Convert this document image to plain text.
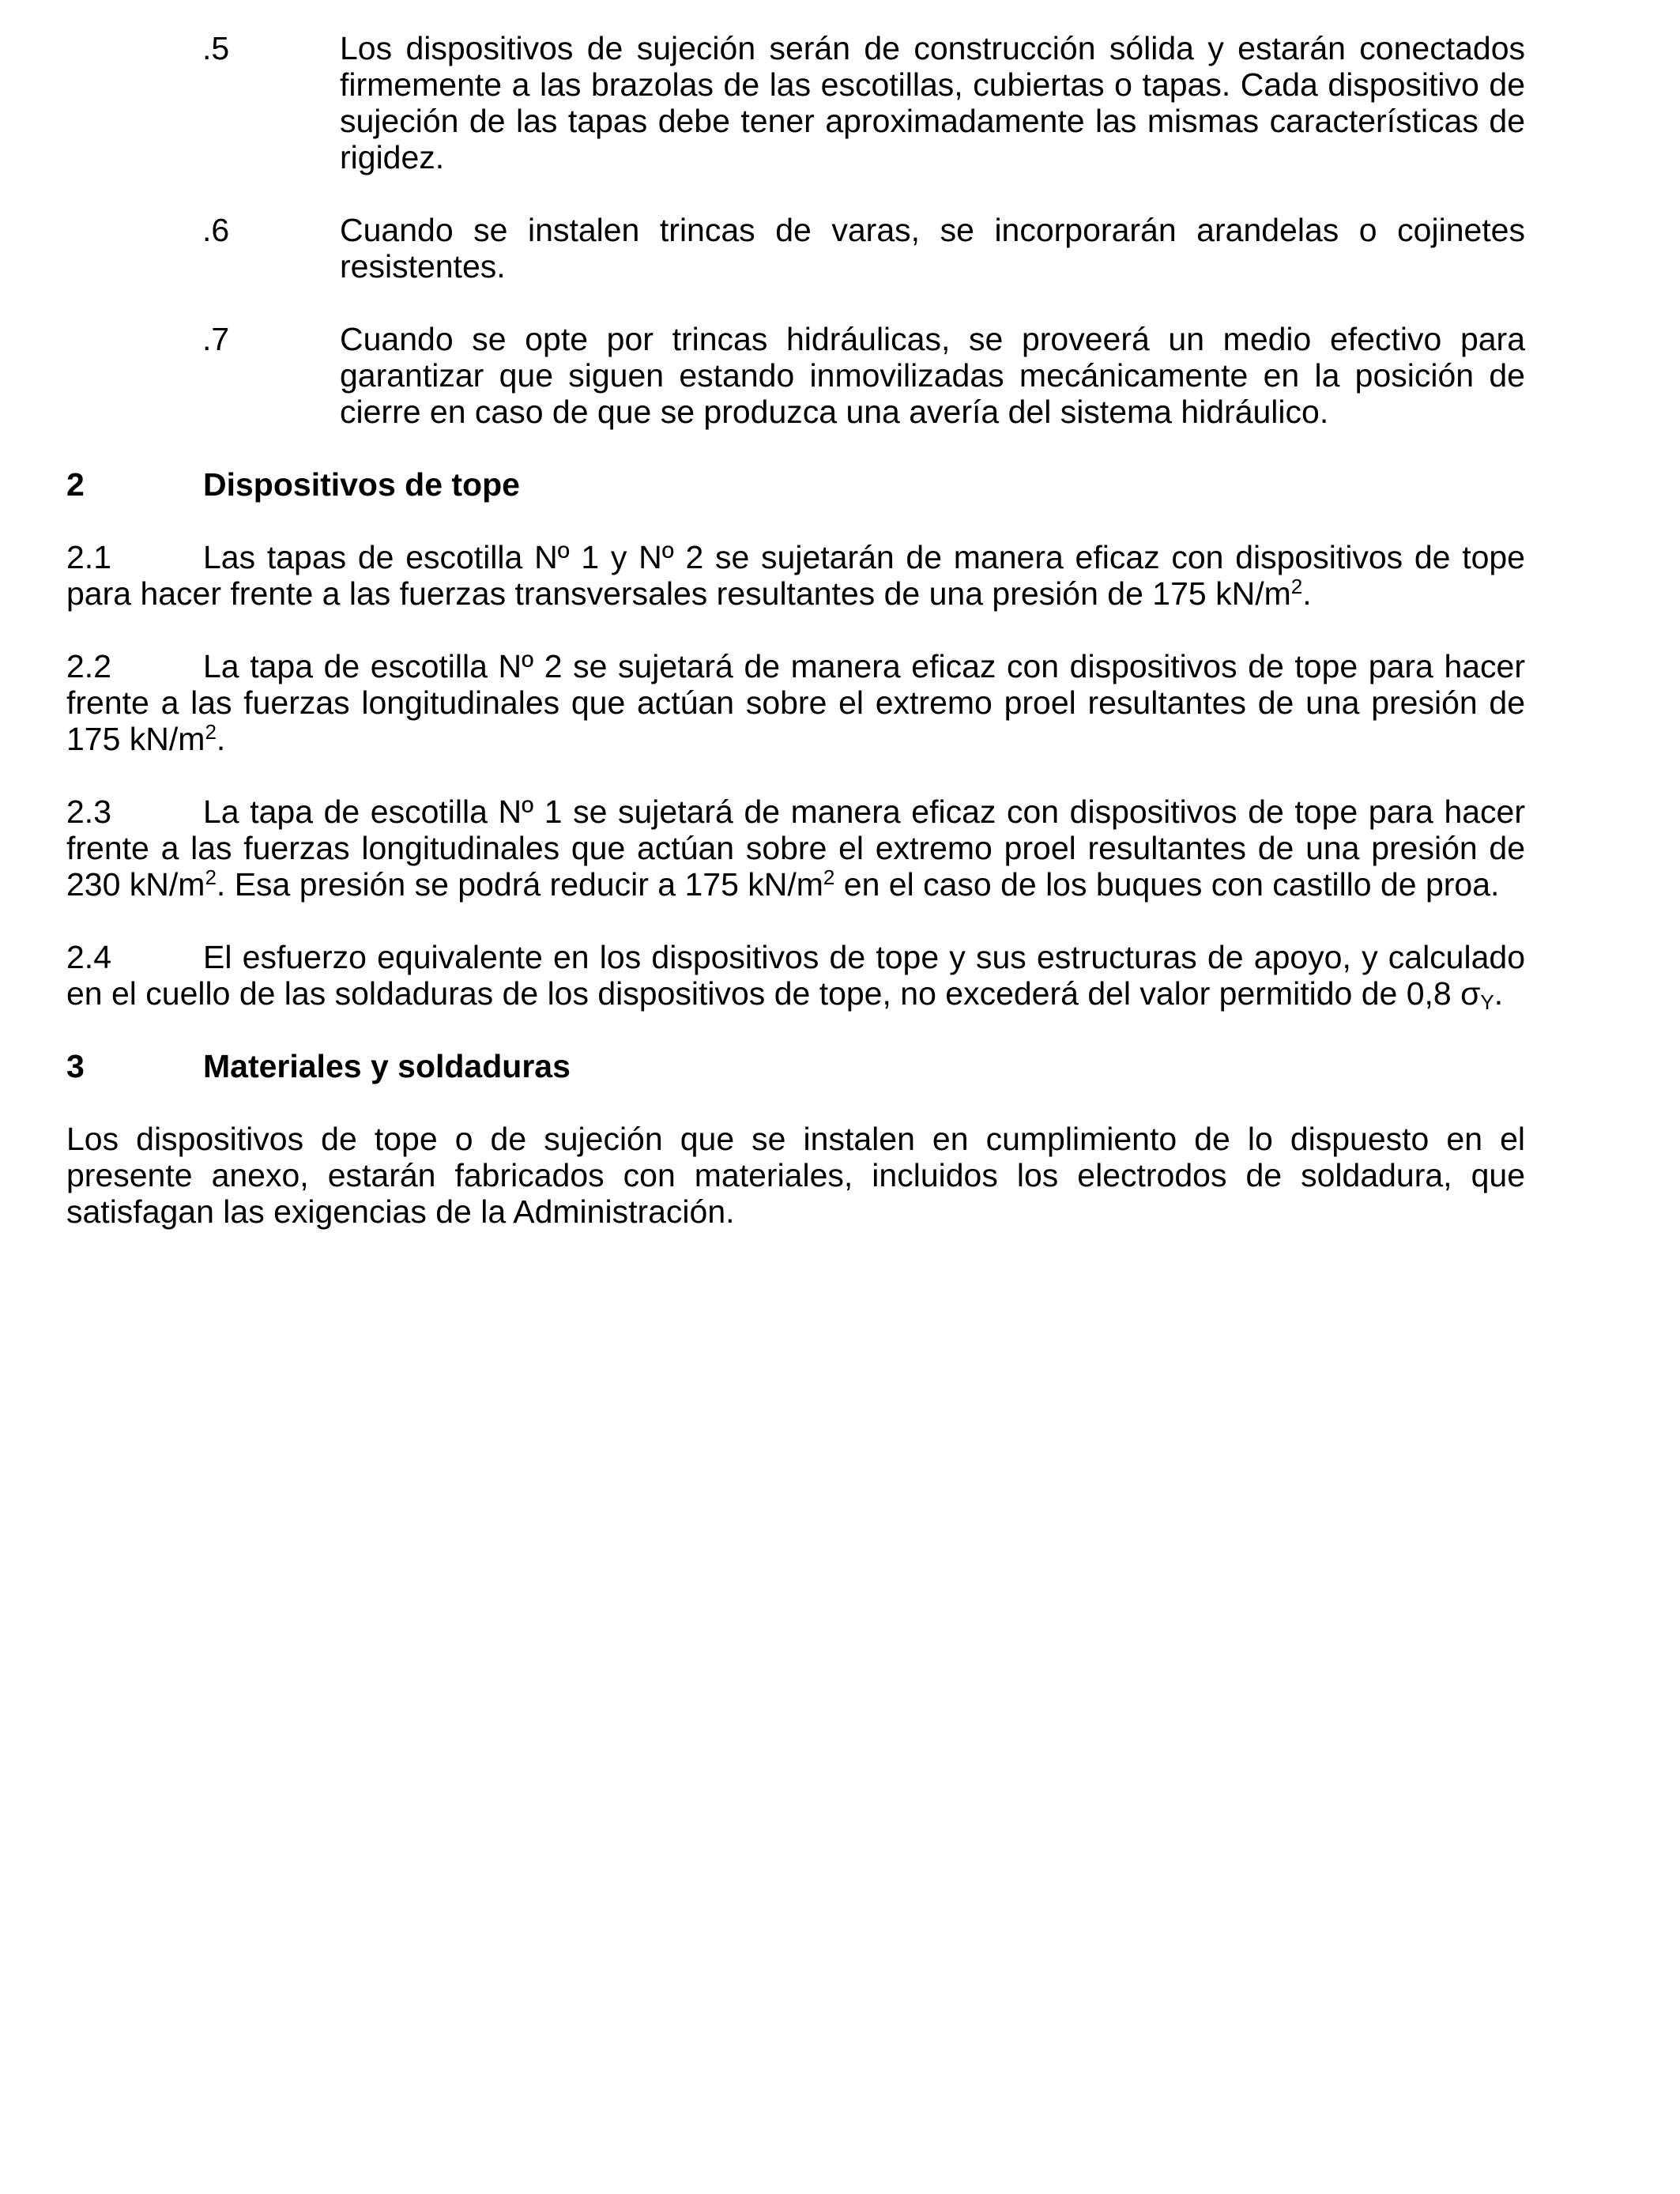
.5	Los dispositivos de sujeción serán de construcción sólida y estarán conectados firmemente a las brazolas de las escotillas, cubiertas o tapas. Cada dispositivo de sujeción de las tapas debe tener aproximadamente las mismas características de rigidez.
.6	Cuando se instalen trincas de varas, se incorporarán arandelas o cojinetes resistentes.
.7	Cuando se opte por trincas hidráulicas, se proveerá un medio efectivo para garantizar que siguen estando inmovilizadas mecánicamente en la posición de cierre en caso de que se produzca una avería del sistema hidráulico.
2	Dispositivos de tope
2.1	Las tapas de escotilla Nº 1 y Nº 2 se sujetarán de manera eficaz con dispositivos de tope para hacer frente a las fuerzas transversales resultantes de una presión de 175 $kN/m^2$.
2.2	La tapa de escotilla Nº 2 se sujetará de manera eficaz con dispositivos de tope para hacer frente a las fuerzas longitudinales que actúan sobre el extremo proel resultantes de una presión de 175 $kN/m^2$.
2.3	La tapa de escotilla Nº 1 se sujetará de manera eficaz con dispositivos de tope para hacer frente a las fuerzas longitudinales que actúan sobre el extremo proel resultantes de una presión de 230 $kN/m^2$. Esa presión se podrá reducir a 175 $kN/m^2$ en el caso de los buques con castillo de proa.
2.4	El esfuerzo equivalente en los dispositivos de tope y sus estructuras de apoyo, y calculado en el cuello de las soldaduras de los dispositivos de tope, no excederá del valor permitido de 0,8 $\sigma_Y$.
3	Materiales y soldaduras
Los dispositivos de tope o de sujeción que se instalen en cumplimiento de lo dispuesto en el presente anexo, estarán fabricados con materiales, incluidos los electrodos de soldadura, que satisfagan las exigencias de la Administración.
